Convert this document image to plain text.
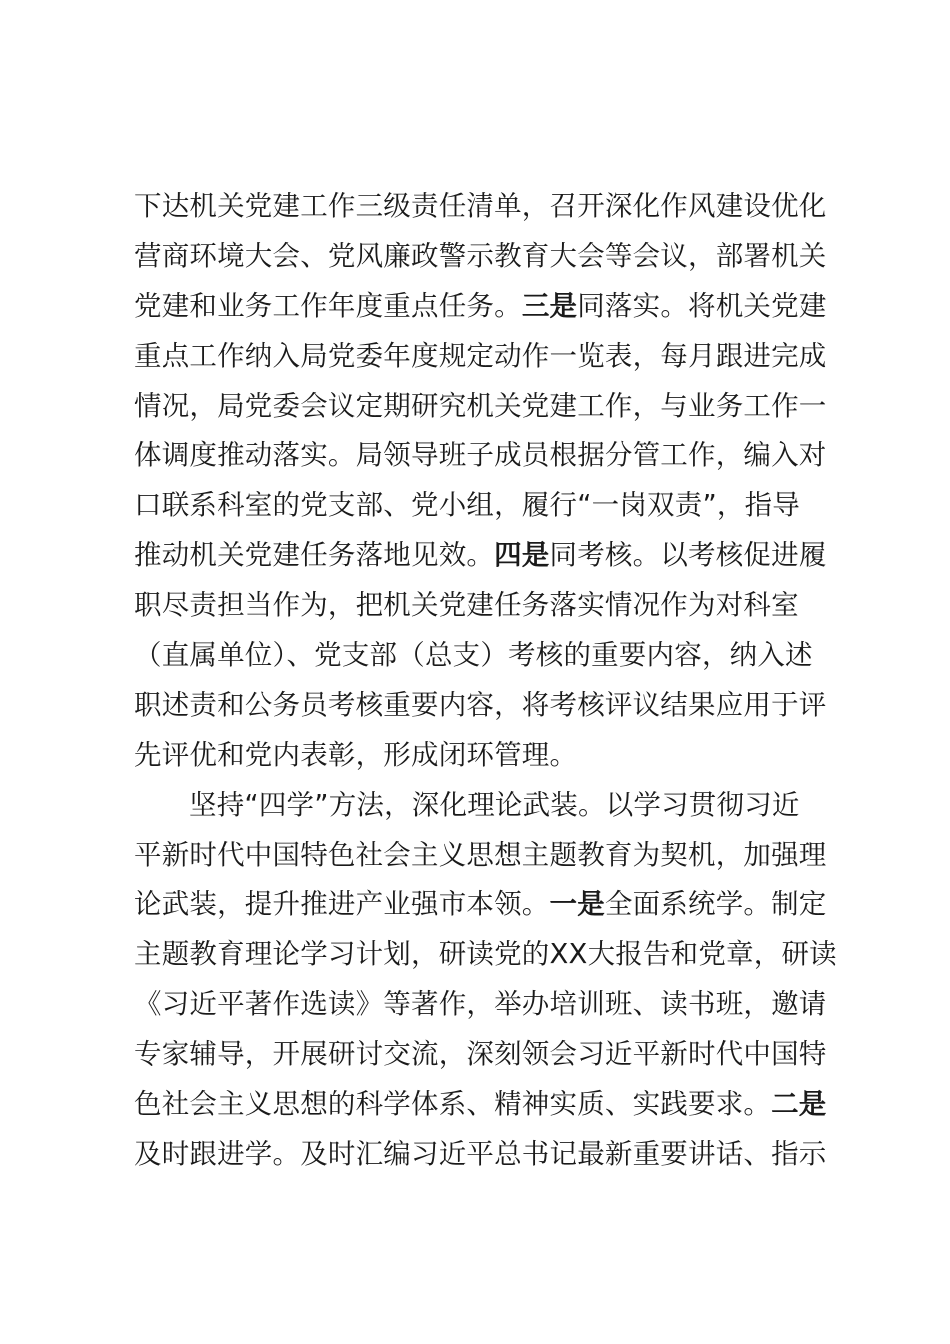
下达机关党建工作三级责任清单，召开深化作风建设优化
营商环境大会、党风廉政警示教育大会等会议，部署机关
党建和业务工作年度重点任务。三是同落实。将机关党建
重点工作纳入局党委年度规定动作一览表，每月跟进完成
情况，局党委会议定期研究机关党建工作，与业务工作一
体调度推动落实。局领导班子成员根据分管工作，编入对
口联系科室的党支部、党小组，履行“一岗双责”，指导
推动机关党建任务落地见效。四是同考核。以考核促进履
职尽责担当作为，把机关党建任务落实情况作为对科室
（直属单位）、党支部（总支）考核的重要内容，纳入述
职述责和公务员考核重要内容，将考核评议结果应用于评
先评优和党内表彰，形成闭环管理。

坚持“四学”方法，深化理论武装。以学习贯彻习近
平新时代中国特色社会主义思想主题教育为契机，加强理
论武装，提升推进产业强市本领。一是全面系统学。制定
主题教育理论学习计划，研读党的XX大报告和党章，研读
《习近平著作选读》等著作，举办培训班、读书班，邀请
专家辅导，开展研讨交流，深刻领会习近平新时代中国特
色社会主义思想的科学体系、精神实质、实践要求。二是
及时跟进学。及时汇编习近平总书记最新重要讲话、指示
